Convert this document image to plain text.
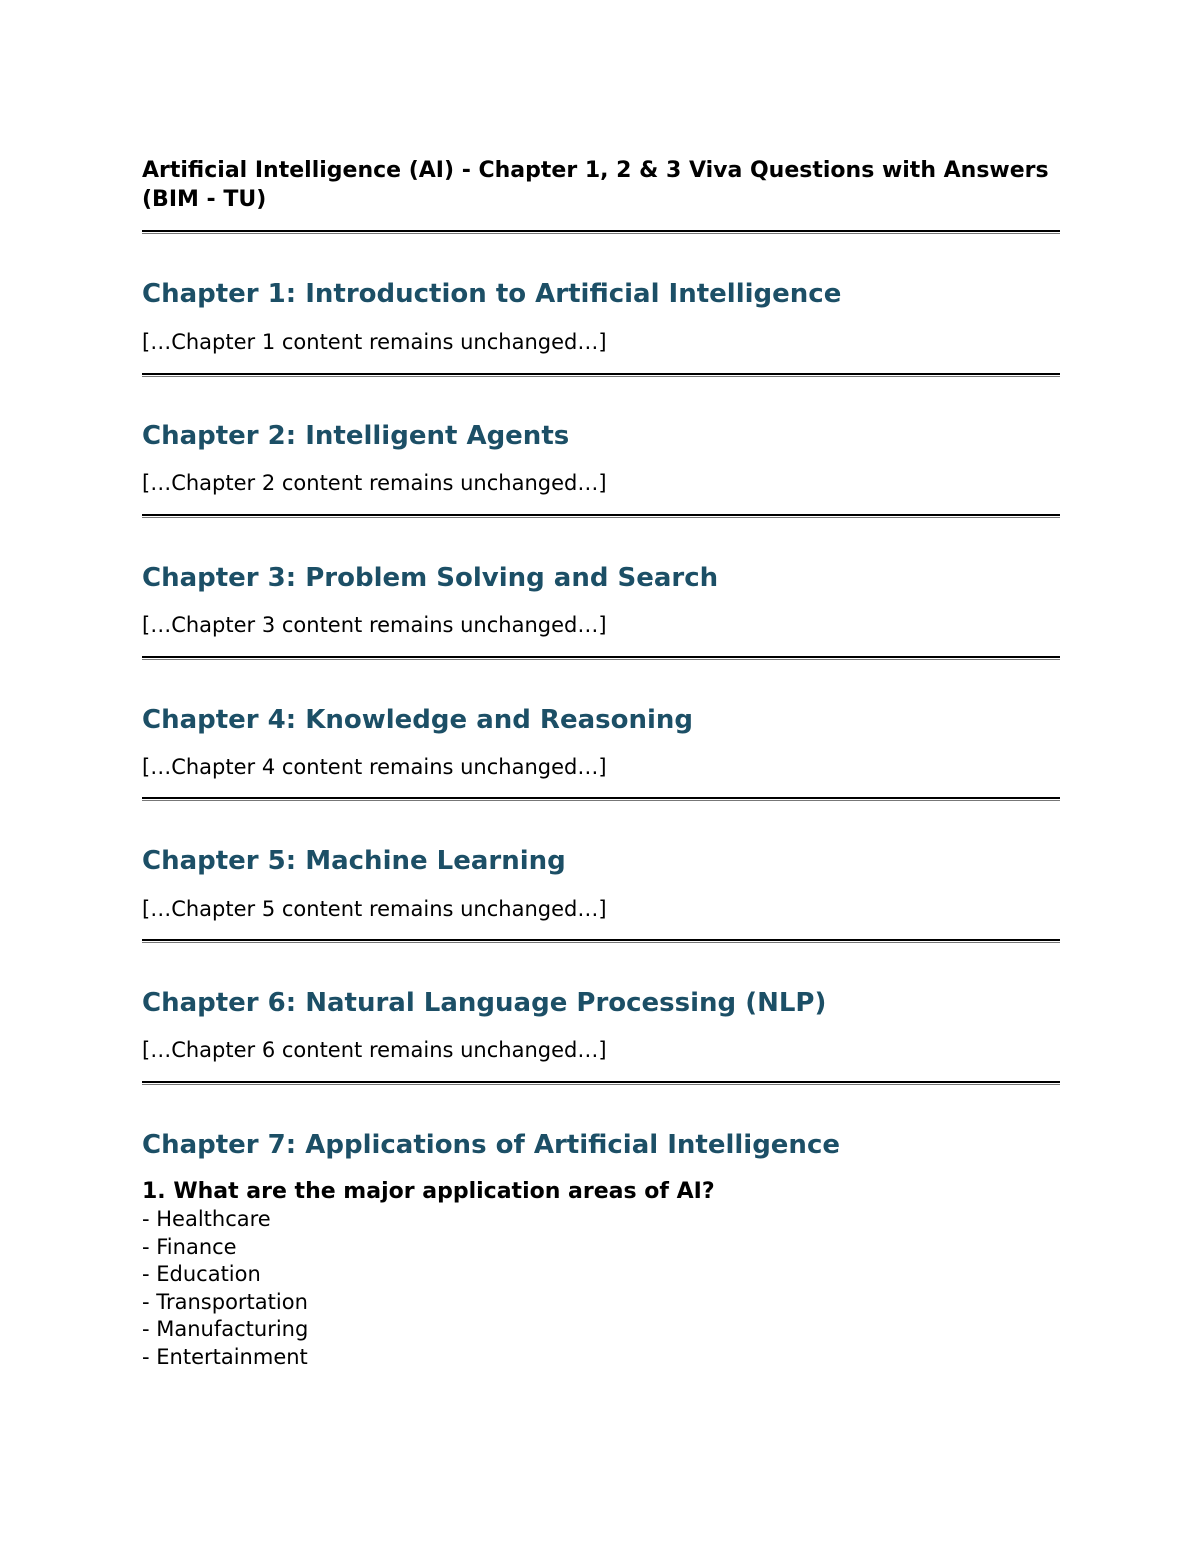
Artificial Intelligence (AI) - Chapter 1, 2 & 3 Viva Questions with Answers (BIM - TU)
Chapter 1: Introduction to Artificial Intelligence

[…Chapter 1 content remains unchanged…]

Chapter 2: Intelligent Agents

[…Chapter 2 content remains unchanged…]

Chapter 3: Problem Solving and Search

[…Chapter 3 content remains unchanged…]

Chapter 4: Knowledge and Reasoning

[…Chapter 4 content remains unchanged…]

Chapter 5: Machine Learning

[…Chapter 5 content remains unchanged…]

Chapter 6: Natural Language Processing (NLP)

[…Chapter 6 content remains unchanged…]

Chapter 7: Applications of Artificial Intelligence

1. What are the major application areas of AI?

- Healthcare
- Finance
- Education
- Transportation
- Manufacturing
- Entertainment
